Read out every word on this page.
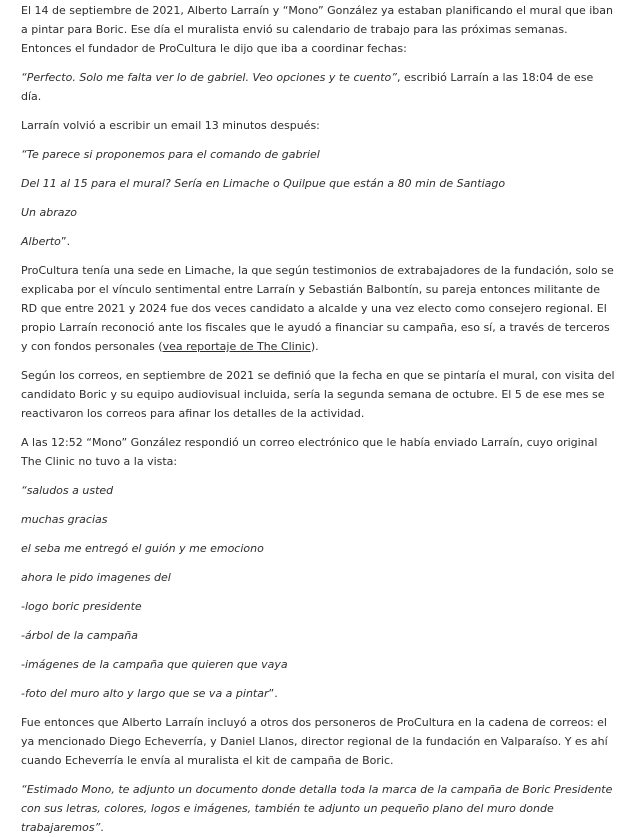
El 14 de septiembre de 2021, Alberto Larraín y “Mono” González ya estaban planificando el mural que iban a pintar para Boric. Ese día el muralista envió su calendario de trabajo para las próximas semanas. Entonces el fundador de ProCultura le dijo que iba a coordinar fechas:

“Perfecto. Solo me falta ver lo de gabriel. Veo opciones y te cuento”, escribió Larraín a las 18:04 de ese día.

Larraín volvió a escribir un email 13 minutos después:

“Te parece si proponemos para el comando de gabriel

Del 11 al 15 para el mural? Sería en Limache o Quilpue que están a 80 min de Santiago

Un abrazo

Alberto”.

ProCultura tenía una sede en Limache, la que según testimonios de extrabajadores de la fundación, solo se explicaba por el vínculo sentimental entre Larraín y Sebastián Balbontín, su pareja entonces militante de RD que entre 2021 y 2024 fue dos veces candidato a alcalde y una vez electo como consejero regional. El propio Larraín reconoció ante los fiscales que le ayudó a financiar su campaña, eso sí, a través de terceros y con fondos personales (vea reportaje de The Clinic).

Según los correos, en septiembre de 2021 se definió que la fecha en que se pintaría el mural, con visita del candidato Boric y su equipo audiovisual incluida, sería la segunda semana de octubre. El 5 de ese mes se reactivaron los correos para afinar los detalles de la actividad.

A las 12:52 “Mono” González respondió un correo electrónico que le había enviado Larraín, cuyo original The Clinic no tuvo a la vista:

“saludos a usted

muchas gracias

el seba me entregó el guión y me emociono

ahora le pido imagenes del

-logo boric presidente

-árbol de la campaña

-imágenes de la campaña que quieren que vaya

-foto del muro alto y largo que se va a pintar”.

Fue entonces que Alberto Larraín incluyó a otros dos personeros de ProCultura en la cadena de correos: el ya mencionado Diego Echeverría, y Daniel Llanos, director regional de la fundación en Valparaíso. Y es ahí cuando Echeverría le envía al muralista el kit de campaña de Boric.

“Estimado Mono, te adjunto un documento donde detalla toda la marca de la campaña de Boric Presidente con sus letras, colores, logos e imágenes, también te adjunto un pequeño plano del muro donde trabajaremos”.
